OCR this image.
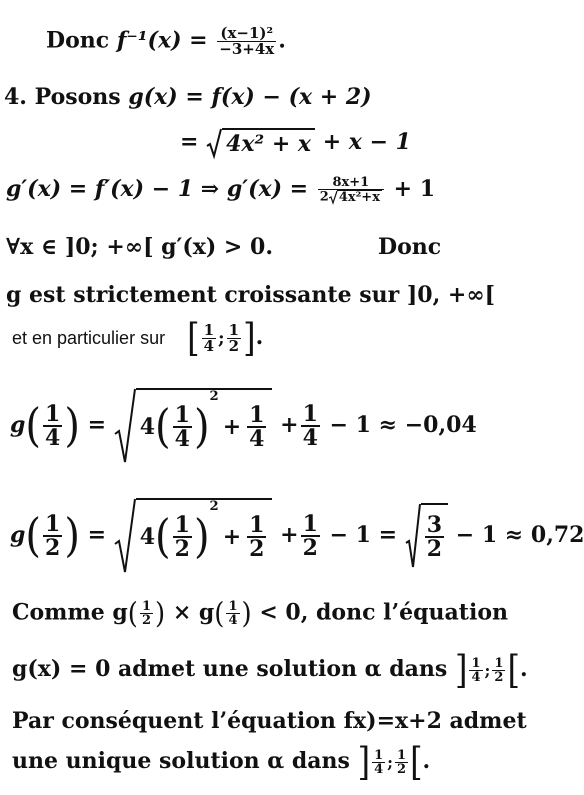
Donc $f^{-1}(x) = \frac{\text{(x−1)²}}{-3+4x}$ .
4. Posons g(x) = f(x) − (x + 2)
= 4x² + x + x − 1
g′(x) = f′(x) − 1 ⇒ $g'(x) = \frac{8x+1}{\text{2 4x²+x}} + 1$
∀x ∈ ]0; +∞[ g′(x) > 0.	Donc
g est strictement croissante sur ]0, +∞[
et en particulier sur [ $\frac{1}{4}$ ; $\frac{1}{2}$ ].
$g( \frac{1}{4}$ ) = 4 ( $\frac{1}{4}$ )
2
+ $\frac{1}{4} + \frac{1}{4} - 1 \approx -0,04$
$g( \frac{1}{2}$ ) = 4 ( $\frac{1}{2}$ )
2
+ $\frac{1}{2} + \frac{1}{2} - 1 = \frac{3}{2} - 1 \approx 0,72$
Comme $g( \frac{1}{2}$ ) × $g( \frac{1}{4}$ ) < 0, donc l’équation
g(x) = 0 admet une solution α dans ] $\frac{1}{4}$ ; $\frac{1}{2}$ [.
Par conséquent l’équation fx)=x+2 admet
une unique solution α dans ] $\frac{1}{4}$ ; $\frac{1}{2}$ [.
